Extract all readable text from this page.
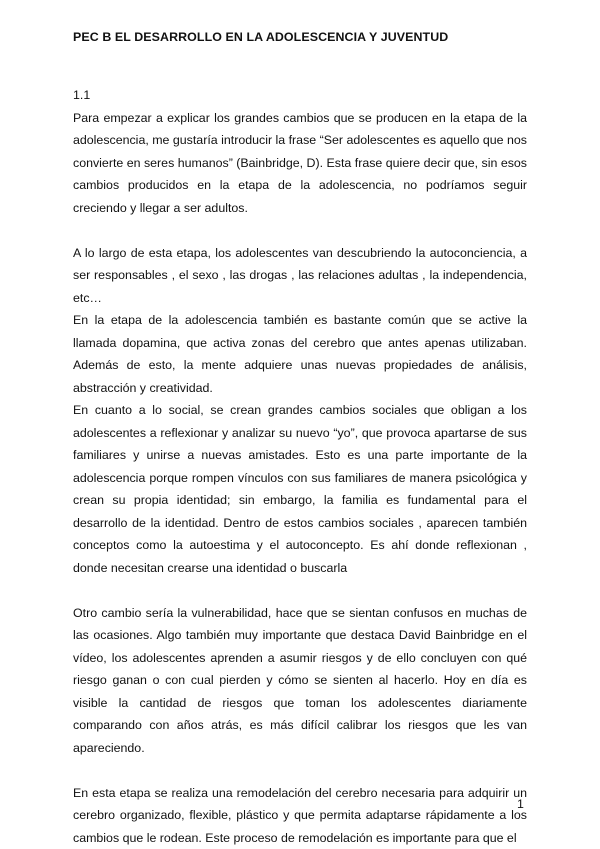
PEC B EL DESARROLLO EN LA ADOLESCENCIA Y JUVENTUD
1.1

Para empezar a explicar los grandes cambios que se producen en la etapa de la adolescencia, me gustaría introducir la frase “Ser adolescentes es aquello que nos convierte en seres humanos” (Bainbridge, D). Esta frase quiere decir que, sin esos cambios producidos en la etapa de la adolescencia, no podríamos seguir creciendo y llegar a ser adultos.

A lo largo de esta etapa, los adolescentes van descubriendo la autoconciencia, a ser responsables , el sexo , las drogas , las relaciones adultas , la independencia, etc…

En la etapa de la adolescencia también es bastante común que se active la llamada dopamina, que activa zonas del cerebro que antes apenas utilizaban. Además de esto, la mente adquiere unas nuevas propiedades de análisis, abstracción y creatividad.

En cuanto a lo social, se crean grandes cambios sociales que obligan a los adolescentes a reflexionar y analizar su nuevo “yo”, que provoca apartarse de sus familiares y unirse a nuevas amistades. Esto es una parte importante de la adolescencia porque rompen vínculos con sus familiares de manera psicológica y crean su propia identidad; sin embargo, la familia es fundamental para el desarrollo de la identidad. Dentro de estos cambios sociales , aparecen también conceptos como la autoestima y el autoconcepto. Es ahí donde reflexionan , donde necesitan crearse una identidad o buscarla

Otro cambio sería la vulnerabilidad, hace que se sientan confusos en muchas de las ocasiones. Algo también muy importante que destaca David Bainbridge en el vídeo, los adolescentes aprenden a asumir riesgos y de ello concluyen con qué riesgo ganan o con cual pierden y cómo se sienten al hacerlo. Hoy en día es visible la cantidad de riesgos que toman los adolescentes diariamente comparando con años atrás, es más difícil calibrar los riesgos que les van apareciendo.

En esta etapa se realiza una remodelación del cerebro necesaria para adquirir un cerebro organizado, flexible, plástico y que permita adaptarse rápidamente a los cambios que le rodean. Este proceso de remodelación es importante para que el

1
